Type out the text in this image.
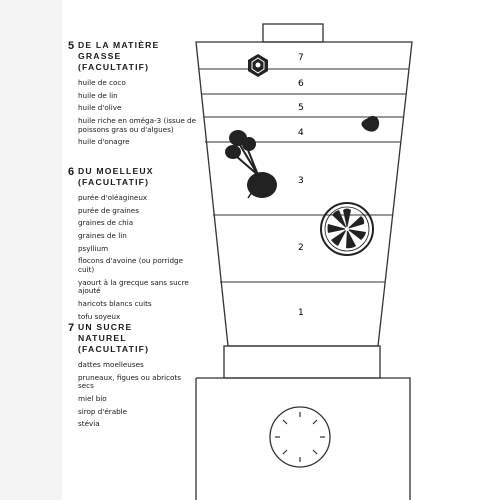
5 DE LA MATIÈRE
GRASSE
(FACULTATIF)
huile de coco
huile de lin
huile d'olive
huile riche en oméga-3 (issue de poissons gras ou d'algues)
huile d'onagre
6 DU MOELLEUX
(FACULTATIF)
purée d'oléagineux
purée de graines
graines de chia
graines de lin
psyllium
flocons d'avoine (ou porridge cuit)
yaourt à la grecque sans sucre ajouté
haricots blancs cuits
tofu soyeux
7 UN SUCRE
NATUREL
(FACULTATIF)
dattes moelleuses
pruneaux, figues ou abricots secs
miel bio
sirop d'érable
stévia
7
6
5
4
3
2
1
